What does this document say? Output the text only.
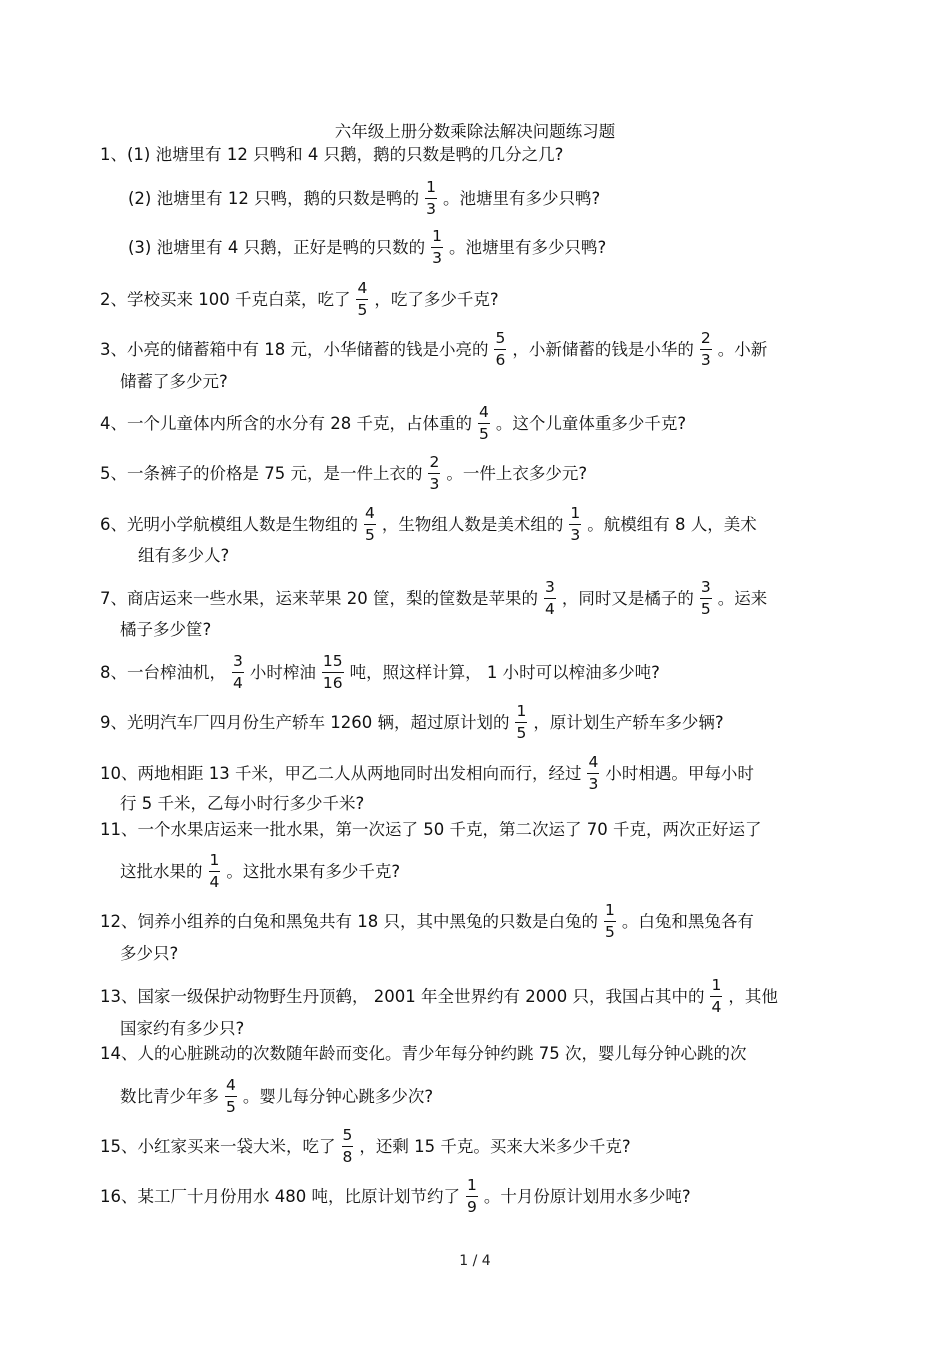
六年级上册分数乘除法解决问题练习题
1、(1) 池塘里有 12 只鸭和 4 只鹅，鹅的只数是鸭的几分之几?
(2) 池塘里有 12 只鸭，鹅的只数是鸭的 $\frac{1}{3}$ 。池塘里有多少只鸭?
(3) 池塘里有 4 只鹅，正好是鸭的只数的 $\frac{1}{3}$ 。池塘里有多少只鸭?
2、学校买来 100 千克白菜，吃了 $\frac{4}{5}$ ，吃了多少千克?
3、小亮的储蓄箱中有 18 元，小华储蓄的钱是小亮的 $\frac{5}{6}$ ，小新储蓄的钱是小华的 $\frac{2}{3}$ 。小新
储蓄了多少元?
4、一个儿童体内所含的水分有 28 千克，占体重的 $\frac{4}{5}$ 。这个儿童体重多少千克?
5、一条裤子的价格是 75 元，是一件上衣的 $\frac{2}{3}$ 。一件上衣多少元?
6、光明小学航模组人数是生物组的 $\frac{4}{5}$ ，生物组人数是美术组的 $\frac{1}{3}$ 。航模组有 8 人，美术
组有多少人?
7、商店运来一些水果，运来苹果 20 筐，梨的筐数是苹果的 $\frac{3}{4}$ ，同时又是橘子的 $\frac{3}{5}$ 。运来
橘子多少筐?
8、一台榨油机， $\frac{3}{4}$ 小时榨油 $\frac{15}{16}$ 吨，照这样计算， 1 小时可以榨油多少吨?
9、光明汽车厂四月份生产轿车 1260 辆，超过原计划的 $\frac{1}{5}$ ，原计划生产轿车多少辆?
10、两地相距 13 千米，甲乙二人从两地同时出发相向而行，经过 $\frac{4}{3}$ 小时相遇。甲每小时
行 5 千米，乙每小时行多少千米?
11、一个水果店运来一批水果，第一次运了 50 千克，第二次运了 70 千克，两次正好运了
这批水果的 $\frac{1}{4}$ 。这批水果有多少千克?
12、饲养小组养的白兔和黑兔共有 18 只，其中黑兔的只数是白兔的 $\frac{1}{5}$ 。白兔和黑兔各有
多少只?
13、国家一级保护动物野生丹顶鹤， 2001 年全世界约有 2000 只，我国占其中的 $\frac{1}{4}$ ，其他
国家约有多少只?
14、人的心脏跳动的次数随年龄而变化。青少年每分钟约跳 75 次，婴儿每分钟心跳的次
数比青少年多 $\frac{4}{5}$ 。婴儿每分钟心跳多少次?
15、小红家买来一袋大米，吃了 $\frac{5}{8}$ ，还剩 15 千克。买来大米多少千克?
16、某工厂十月份用水 480 吨，比原计划节约了 $\frac{1}{9}$ 。十月份原计划用水多少吨?
1 / 4
